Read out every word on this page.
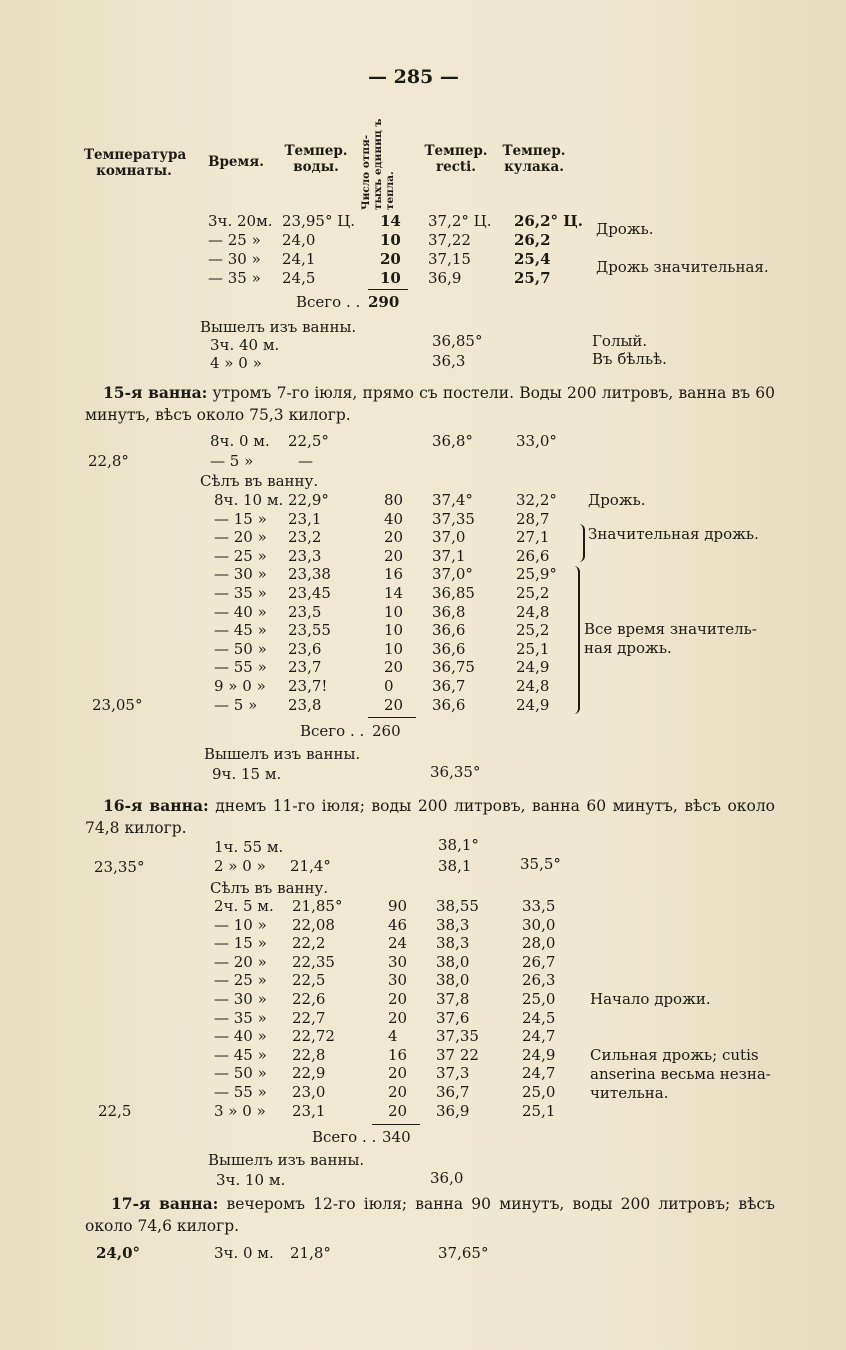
— 285 —
Температура комнаты.
Время.
Темпер. воды.	Число отпя-тыхъ единиц ъ тепла.
Темпер. recti.
Темпер. кулака.
3ч. 20м. 23,95° Ц. 14 37,2° Ц. 26,2° Ц.
— 25 » 24,0	10 37,22	26,2
— 30 » 24,1	20 37,15	25,4
— 35 » 24,5	10 36,9	25,7
Дрожь.
Дрожь значительная.
Всего . . 290
Вышелъ изъ ванны.
3ч. 40 м.	36,85°	Голый.
4 » 0 »	36,3	Въ бѣльѣ.
15-я ванна: утромъ 7-го іюля, прямо съ постели. Воды 200 литровъ, ванна въ 60 минутъ, вѣсъ около 75,3 килогр.
8ч. 0 м. 22,5°	36,8°	33,0°
22,8°	— 5 »	—
Сѣлъ въ ванну.
8ч. 10 м. 22,9°	80 37,4°	32,2°
— 15 » 23,1	40 37,35	28,7
— 20 » 23,2	20 37,0	27,1
— 25 » 23,3	20 37,1	26,6
— 30 » 23,38	16 37,0°	25,9°
— 35 » 23,45	14 36,85	25,2
— 40 » 23,5	10 36,8	24,8
— 45 » 23,55	10 36,6	25,2
— 50 » 23,6	10 36,6	25,1
— 55 » 23,7	20 36,75	24,9
9 » 0 » 23,7!	0	36,7	24,8
23,05°	— 5 » 23,8	20 36,6	24,9
Дрожь.
Значительная дрожь.
Все время значитель-
ная дрожь.
Всего . . 260
Вышелъ изъ ванны.
9ч. 15 м.	36,35°
16-я ванна: днемъ 11-го іюля; воды 200 литровъ, ванна 60 минутъ, вѣсъ около 74,8 килогр.
1ч. 55 м.	38,1°
23,35°	2 » 0 » 21,4°	38,1	35,5°
Сѣлъ въ ванну.
2ч. 5 м. 21,85°	90 38,55	33,5
— 10 » 22,08	46 38,3	30,0
— 15 » 22,2	24 38,3	28,0
— 20 » 22,35	30 38,0	26,7
— 25 » 22,5	30 38,0	26,3
— 30 » 22,6	20 37,8	25,0
— 35 » 22,7	20 37,6	24,5
— 40 » 22,72	4	37,35	24,7
— 45 » 22,8	16 37 22	24,9
— 50 » 22,9	20 37,3	24,7
— 55 » 23,0	20 36,7	25,0
22,5	3 » 0 » 23,1	20 36,9	25,1
Начало дрожи.
Сильная дрожь; cutis
anserina весьма незна-
чительна.
Всего . . 340
Вышелъ изъ ванны.
3ч. 10 м.	36,0
17-я ванна: вечеромъ 12-го іюля; ванна 90 минутъ, воды 200 литровъ; вѣсъ около 74,6 килогр.
24,0°	3ч. 0 м. 21,8°	37,65°
